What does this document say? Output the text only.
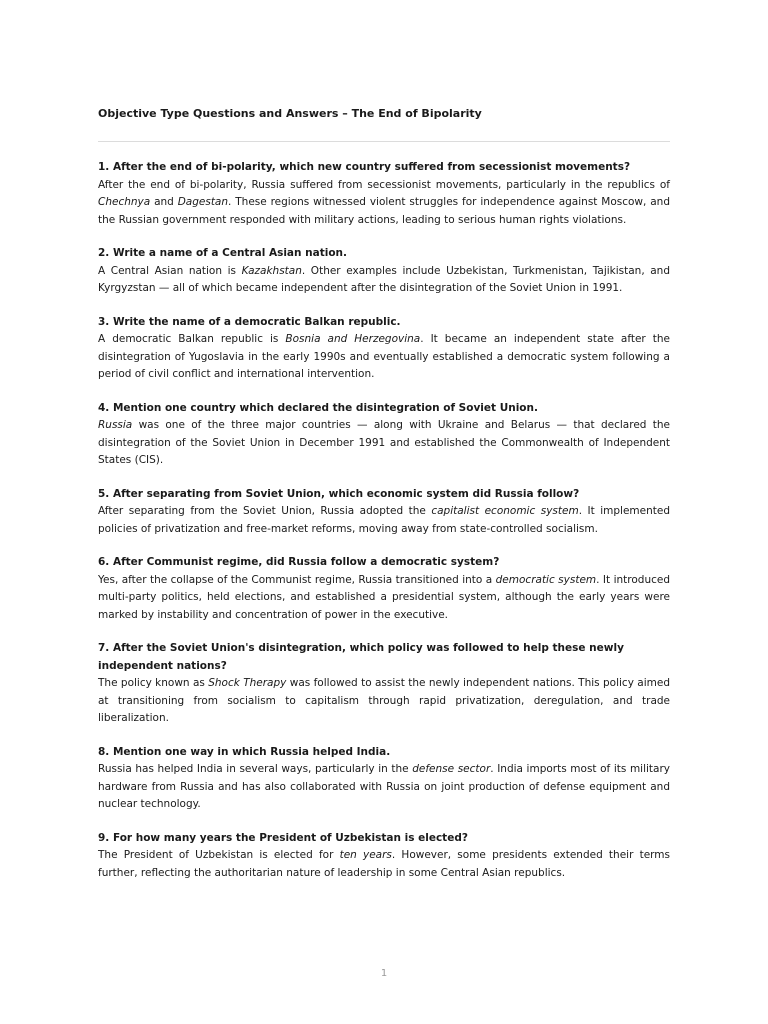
Objective Type Questions and Answers – The End of Bipolarity

1. After the end of bi-polarity, which new country suffered from secessionist movements?

After the end of bi-polarity, Russia suffered from secessionist movements, particularly in the republics of Chechnya and Dagestan. These regions witnessed violent struggles for independence against Moscow, and the Russian government responded with military actions, leading to serious human rights violations.

2. Write a name of a Central Asian nation.

A Central Asian nation is Kazakhstan. Other examples include Uzbekistan, Turkmenistan, Tajikistan, and Kyrgyzstan — all of which became independent after the disintegration of the Soviet Union in 1991.

3. Write the name of a democratic Balkan republic.

A democratic Balkan republic is Bosnia and Herzegovina. It became an independent state after the disintegration of Yugoslavia in the early 1990s and eventually established a democratic system following a period of civil conflict and international intervention.

4. Mention one country which declared the disintegration of Soviet Union.

Russia was one of the three major countries — along with Ukraine and Belarus — that declared the disintegration of the Soviet Union in December 1991 and established the Commonwealth of Independent States (CIS).

5. After separating from Soviet Union, which economic system did Russia follow?

After separating from the Soviet Union, Russia adopted the capitalist economic system. It implemented policies of privatization and free-market reforms, moving away from state-controlled socialism.

6. After Communist regime, did Russia follow a democratic system?

Yes, after the collapse of the Communist regime, Russia transitioned into a democratic system. It introduced multi-party politics, held elections, and established a presidential system, although the early years were marked by instability and concentration of power in the executive.

7. After the Soviet Union's disintegration, which policy was followed to help these newly independent nations?

The policy known as Shock Therapy was followed to assist the newly independent nations. This policy aimed at transitioning from socialism to capitalism through rapid privatization, deregulation, and trade liberalization.

8. Mention one way in which Russia helped India.

Russia has helped India in several ways, particularly in the defense sector. India imports most of its military hardware from Russia and has also collaborated with Russia on joint production of defense equipment and nuclear technology.

9. For how many years the President of Uzbekistan is elected?

The President of Uzbekistan is elected for ten years. However, some presidents extended their terms further, reflecting the authoritarian nature of leadership in some Central Asian republics.

1
